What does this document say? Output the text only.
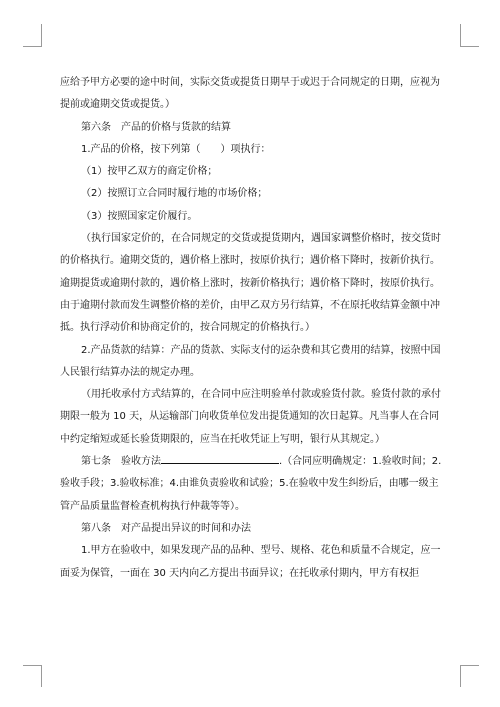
应给予甲方必要的途中时间，实际交货或提货日期早于或迟于合同规定的日期，应视为提前或逾期交货或提货。）

第六条　产品的价格与货款的结算

1.产品的价格，按下列第（　　）项执行：

（1）按甲乙双方的商定价格；

（2）按照订立合同时履行地的市场价格；

（3）按照国家定价履行。

（执行国家定价的，在合同规定的交货或提货期内，遇国家调整价格时，按交货时的价格执行。逾期交货的，遇价格上涨时，按原价执行；遇价格下降时，按新价执行。逾期提货或逾期付款的，遇价格上涨时，按新价格执行；遇价格下降时，按原价执行。由于逾期付款而发生调整价格的差价，由甲乙双方另行结算，不在原托收结算金额中冲抵。执行浮动价和协商定价的，按合同规定的价格执行。）

2.产品货款的结算：产品的货款、实际支付的运杂费和其它费用的结算，按照中国人民银行结算办法的规定办理。

（用托收承付方式结算的，在合同中应注明验单付款或验货付款。验货付款的承付期限一般为 10 天，从运输部门向收货单位发出提货通知的次日起算。凡当事人在合同中约定缩短或延长验货期限的，应当在托收凭证上写明，银行从其规定。）

第七条　验收方法	.（合同应明确规定：1.验收时间；2.验收手段；3.验收标准；4.由谁负责验收和试验；5.在验收中发生纠纷后，由哪一级主管产品质量监督检查机构执行仲裁等等）。

第八条　对产品提出异议的时间和办法

1.甲方在验收中，如果发现产品的品种、型号、规格、花色和质量不合规定，应一面妥为保管，一面在 30 天内向乙方提出书面异议；在托收承付期内，甲方有权拒
